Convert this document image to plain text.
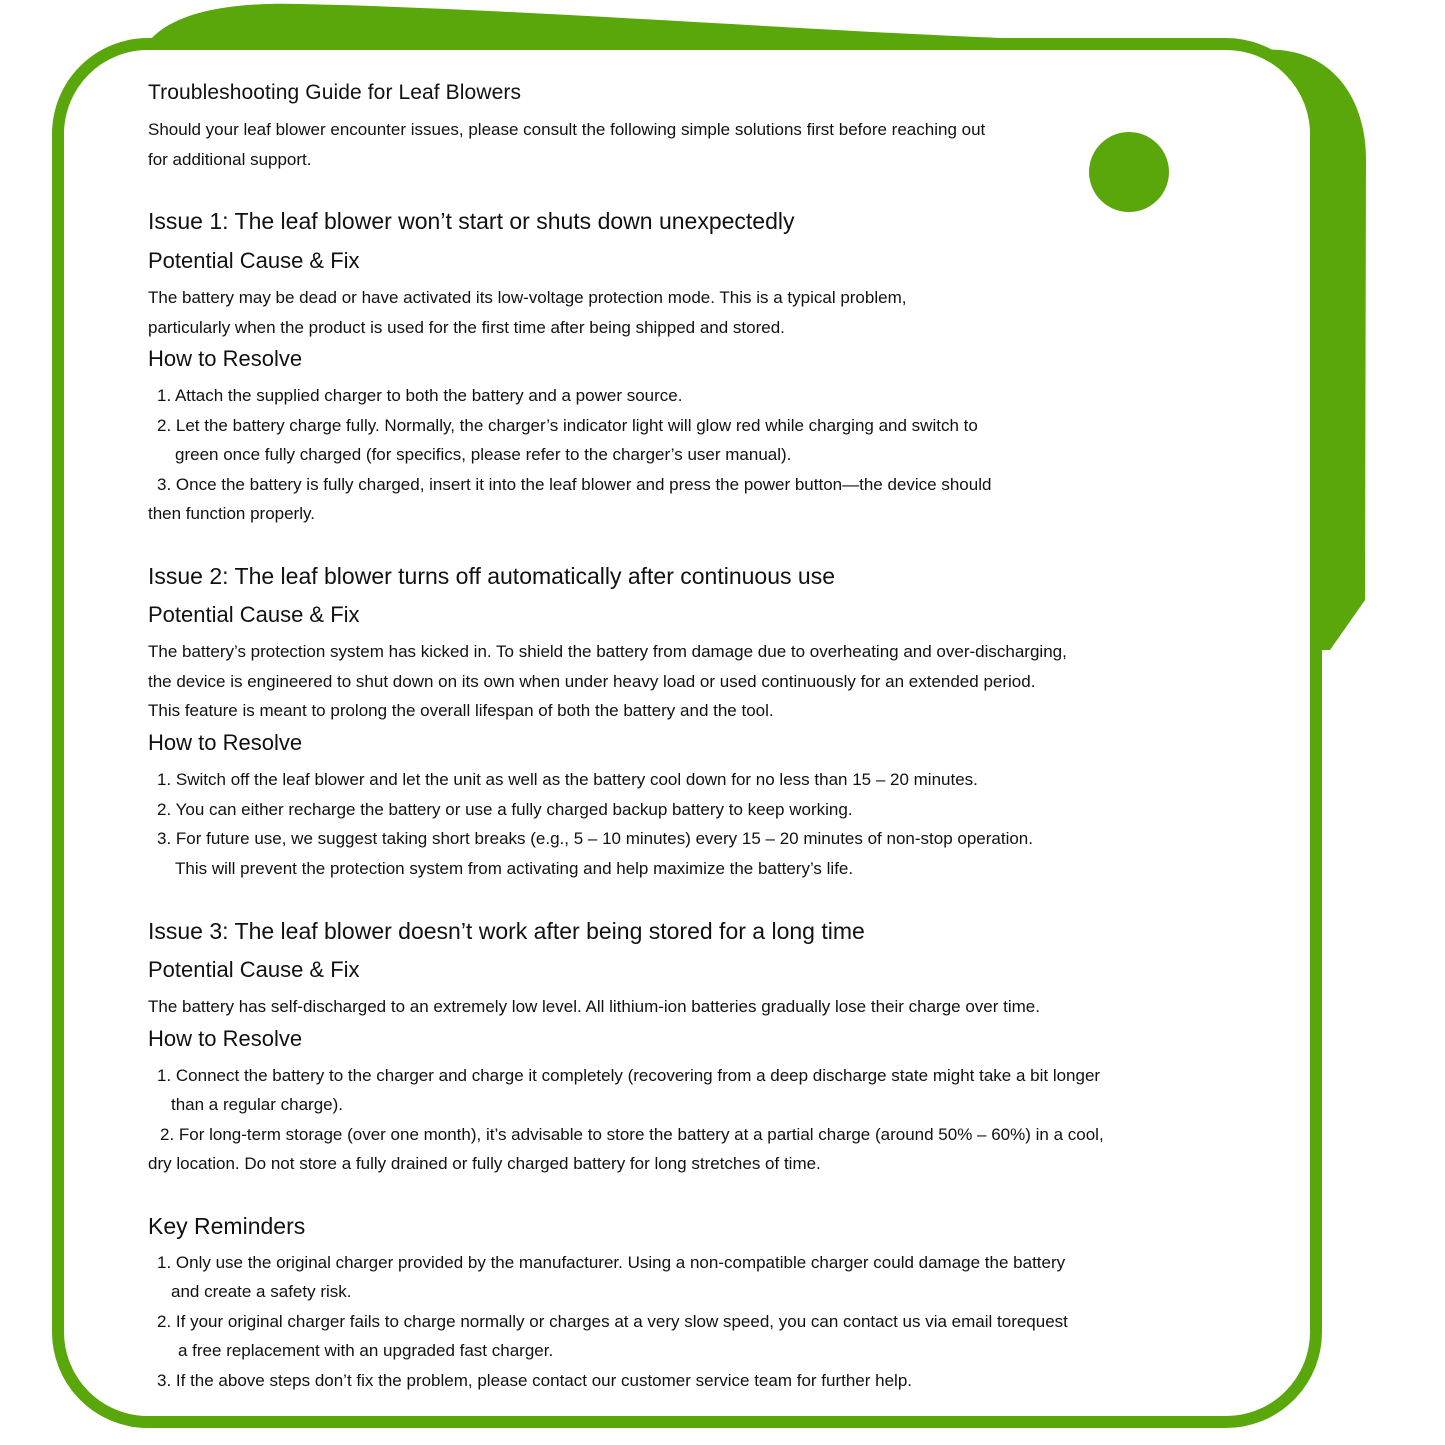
Troubleshooting Guide for Leaf Blowers
Should your leaf blower encounter issues, please consult the following simple solutions first before reaching out
for additional support.
Issue 1: The leaf blower won’t start or shuts down unexpectedly
Potential Cause & Fix
The battery may be dead or have activated its low-voltage protection mode. This is a typical problem,
particularly when the product is used for the first time after being shipped and stored.
How to Resolve
1. Attach the supplied charger to both the battery and a power source.
2. Let the battery charge fully. Normally, the charger’s indicator light will glow red while charging and switch to
green once fully charged (for specifics, please refer to the charger’s user manual).
3. Once the battery is fully charged, insert it into the leaf blower and press the power button—the device should
then function properly.
Issue 2: The leaf blower turns off automatically after continuous use
Potential Cause & Fix
The battery’s protection system has kicked in. To shield the battery from damage due to overheating and over-discharging,
the device is engineered to shut down on its own when under heavy load or used continuously for an extended period.
This feature is meant to prolong the overall lifespan of both the battery and the tool.
How to Resolve
1. Switch off the leaf blower and let the unit as well as the battery cool down for no less than 15 – 20 minutes.
2. You can either recharge the battery or use a fully charged backup battery to keep working.
3. For future use, we suggest taking short breaks (e.g., 5 – 10 minutes) every 15 – 20 minutes of non-stop operation.
This will prevent the protection system from activating and help maximize the battery’s life.
Issue 3: The leaf blower doesn’t work after being stored for a long time
Potential Cause & Fix
The battery has self-discharged to an extremely low level. All lithium-ion batteries gradually lose their charge over time.
How to Resolve
1. Connect the battery to the charger and charge it completely (recovering from a deep discharge state might take a bit longer
than a regular charge).
2. For long-term storage (over one month), it’s advisable to store the battery at a partial charge (around 50% – 60%) in a cool,
dry location. Do not store a fully drained or fully charged battery for long stretches of time.
Key Reminders
1. Only use the original charger provided by the manufacturer. Using a non-compatible charger could damage the battery
and create a safety risk.
2. If your original charger fails to charge normally or charges at a very slow speed, you can contact us via email torequest
a free replacement with an upgraded fast charger.
3. If the above steps don’t fix the problem, please contact our customer service team for further help.
